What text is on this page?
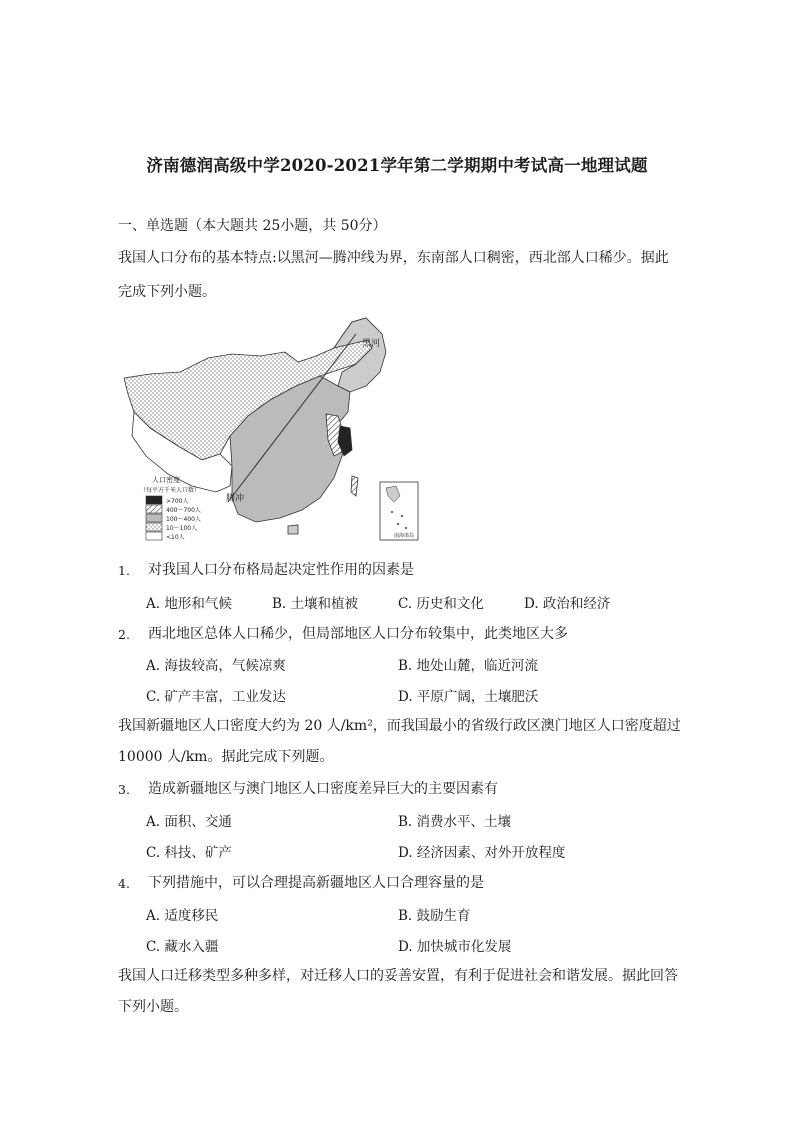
济南德润高级中学2020-2021学年第二学期期中考试高一地理试题
一、单选题（本大题共 25小题，共 50分）
我国人口分布的基本特点:以黑河—腾冲线为界，东南部人口稠密，西北部人口稀少。据此
完成下列小题。
黑河
腾冲
人口密度
（每平方千米人口数）
>700人
400～700人
100～400人
10～100人
<10人	南海诸岛
1. 对我国人口分布格局起决定性作用的因素是
A. 地形和气候	B. 土壤和植被	C. 历史和文化	D. 政治和经济
2. 西北地区总体人口稀少，但局部地区人口分布较集中，此类地区大多
A. 海拔较高，气候凉爽	B. 地处山麓，临近河流
C. 矿产丰富，工业发达	D. 平原广阔，土壤肥沃
我国新疆地区人口密度大约为 20 人/km²，而我国最小的省级行政区澳门地区人口密度超过
10000 人/km。据此完成下列题。
3. 造成新疆地区与澳门地区人口密度差异巨大的主要因素有
A. 面积、交通	B. 消费水平、土壤
C. 科技、矿产	D. 经济因素、对外开放程度
4. 下列措施中，可以合理提高新疆地区人口合理容量的是
A. 适度移民	B. 鼓励生育
C. 藏水入疆	D. 加快城市化发展
我国人口迁移类型多种多样，对迁移人口的妥善安置，有利于促进社会和谐发展。据此回答
下列小题。
